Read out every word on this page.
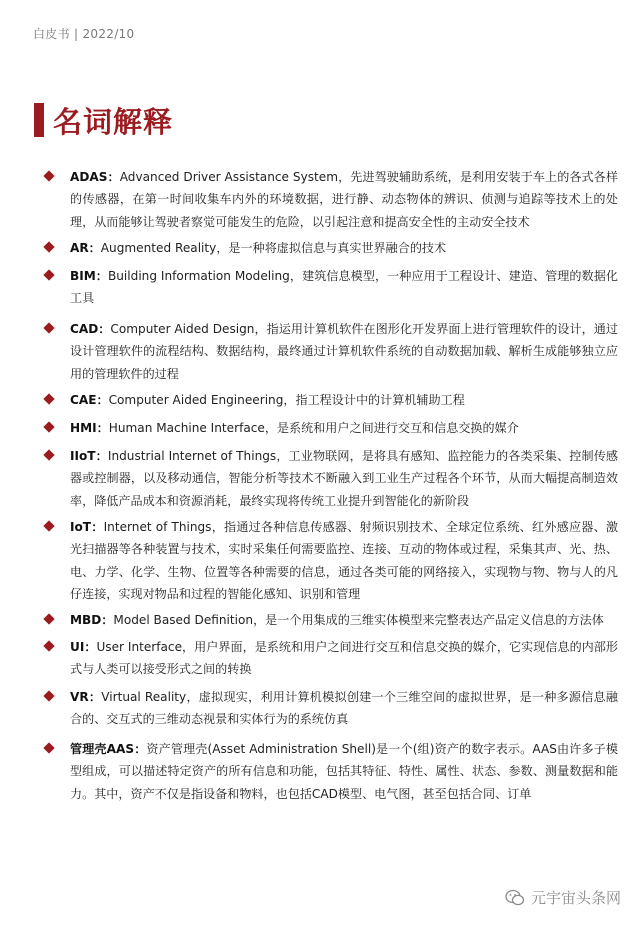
白皮书 | 2022/10
名词解释
ADAS：Advanced Driver Assistance System，先进驾驶辅助系统，是利用安装于车上的各式各样的传感器，在第一时间收集车内外的环境数据，进行静、动态物体的辨识、侦测与追踪等技术上的处理，从而能够让驾驶者察觉可能发生的危险，以引起注意和提高安全性的主动安全技术
AR：Augmented Reality，是一种将虚拟信息与真实世界融合的技术
BIM：Building Information Modeling，建筑信息模型，一种应用于工程设计、建造、管理的数据化工具
CAD：Computer Aided Design，指运用计算机软件在图形化开发界面上进行管理软件的设计，通过设计管理软件的流程结构、数据结构，最终通过计算机软件系统的自动数据加载、解析生成能够独立应用的管理软件的过程
CAE：Computer Aided Engineering，指工程设计中的计算机辅助工程
HMI：Human Machine Interface，是系统和用户之间进行交互和信息交换的媒介
IIoT：Industrial Internet of Things，工业物联网，是将具有感知、监控能力的各类采集、控制传感器或控制器，以及移动通信，智能分析等技术不断融入到工业生产过程各个环节，从而大幅提高制造效率，降低产品成本和资源消耗，最终实现将传统工业提升到智能化的新阶段
IoT：Internet of Things，指通过各种信息传感器、射频识别技术、全球定位系统、红外感应器、激光扫描器等各种装置与技术，实时采集任何需要监控、连接、互动的物体或过程，采集其声、光、热、电、力学、化学、生物、位置等各种需要的信息，通过各类可能的网络接入，实现物与物、物与人的凡仔连接，实现对物品和过程的智能化感知、识别和管理
MBD：Model Based Definition，是一个用集成的三维实体模型来完整表达产品定义信息的方法体
UI：User Interface，用户界面，是系统和用户之间进行交互和信息交换的媒介，它实现信息的内部形式与人类可以接受形式之间的转换
VR：Virtual Reality，虚拟现实，利用计算机模拟创建一个三维空间的虚拟世界，是一种多源信息融合的、交互式的三维动态视景和实体行为的系统仿真
管理壳AAS：资产管理壳(Asset Administration Shell)是一个(组)资产的数字表示。AAS由许多子模型组成，可以描述特定资产的所有信息和功能，包括其特征、特性、属性、状态、参数、测量数据和能力。其中，资产不仅是指设备和物料，也包括CAD模型、电气图，甚至包括合同、订单
元宇宙头条网
